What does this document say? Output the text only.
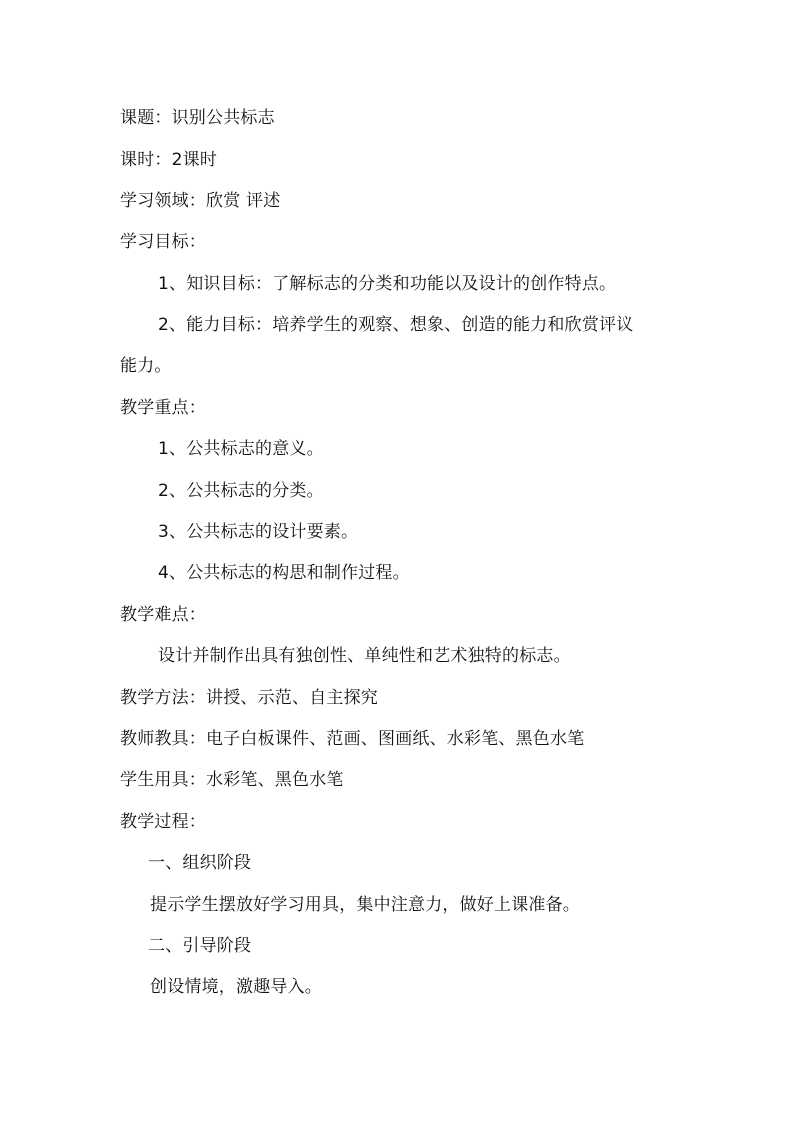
课题：识别公共标志
课时：2课时
学习领域：欣赏 评述
学习目标：
1、知识目标：了解标志的分类和功能以及设计的创作特点。
2、能力目标：培养学生的观察、想象、创造的能力和欣赏评议
能力。
教学重点：
1、公共标志的意义。
2、公共标志的分类。
3、公共标志的设计要素。
4、公共标志的构思和制作过程。
教学难点：
设计并制作出具有独创性、单纯性和艺术独特的标志。
教学方法：讲授、示范、自主探究
教师教具：电子白板课件、范画、图画纸、水彩笔、黑色水笔
学生用具：水彩笔、黑色水笔
教学过程：
一、组织阶段
提示学生摆放好学习用具，集中注意力，做好上课准备。
二、引导阶段
创设情境，激趣导入。
